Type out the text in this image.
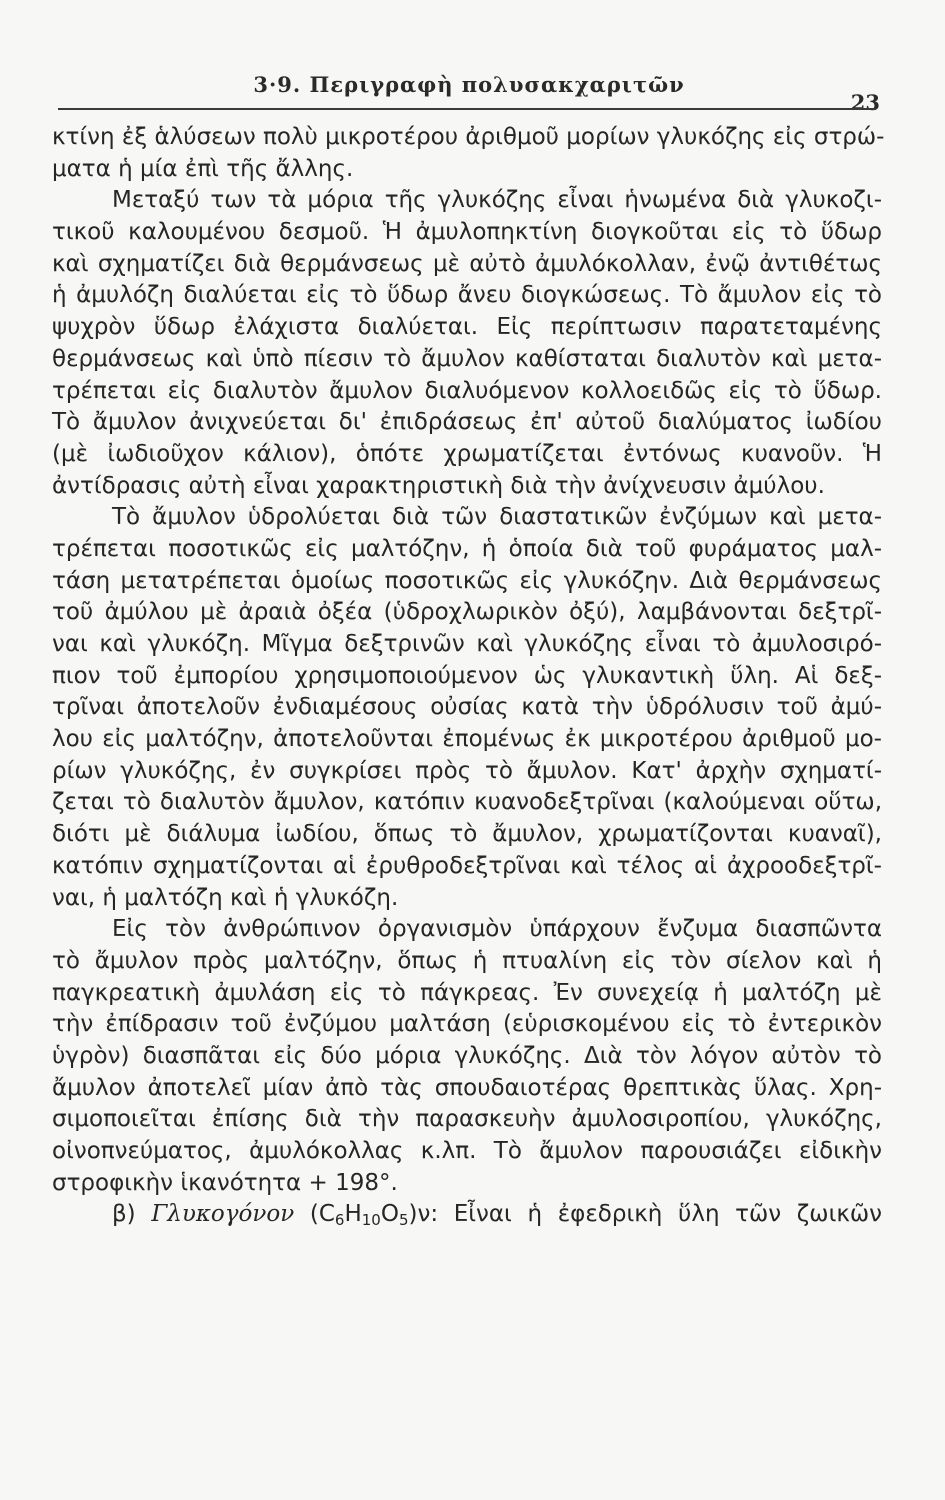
3·9. Περιγραφὴ πολυσακχαριτῶν
23
κτίνη ἐξ ἁλύσεων πολὺ μικροτέρου ἀριθμοῦ μορίων γλυκόζης εἰς στρώ-
ματα ἡ μία ἐπὶ τῆς ἄλλης.
Μεταξύ των τὰ μόρια τῆς γλυκόζης εἶναι ἡνωμένα διὰ γλυκοζι-
τικοῦ καλουμένου δεσμοῦ. Ἡ ἀμυλοπηκτίνη διογκοῦται εἰς τὸ ὕδωρ
καὶ σχηματίζει διὰ θερμάνσεως μὲ αὐτὸ ἀμυλόκολλαν, ἐνῷ ἀντιθέτως
ἡ ἀμυλόζη διαλύεται εἰς τὸ ὕδωρ ἄνευ διογκώσεως. Τὸ ἄμυλον εἰς τὸ
ψυχρὸν ὕδωρ ἐλάχιστα διαλύεται. Εἰς περίπτωσιν παρατεταμένης
θερμάνσεως καὶ ὑπὸ πίεσιν τὸ ἄμυλον καθίσταται διαλυτὸν καὶ μετα-
τρέπεται εἰς διαλυτὸν ἄμυλον διαλυόμενον κολλοειδῶς εἰς τὸ ὕδωρ.
Τὸ ἄμυλον ἀνιχνεύεται δι' ἐπιδράσεως ἐπ' αὐτοῦ διαλύματος ἰωδίου
(μὲ ἰωδιοῦχον κάλιον), ὁπότε χρωματίζεται ἐντόνως κυανοῦν. Ἡ
ἀντίδρασις αὐτὴ εἶναι χαρακτηριστικὴ διὰ τὴν ἀνίχνευσιν ἀμύλου.
Τὸ ἄμυλον ὑδρολύεται διὰ τῶν διαστατικῶν ἐνζύμων καὶ μετα-
τρέπεται ποσοτικῶς εἰς μαλτόζην, ἡ ὁποία διὰ τοῦ φυράματος μαλ-
τάση μετατρέπεται ὁμοίως ποσοτικῶς εἰς γλυκόζην. Διὰ θερμάνσεως
τοῦ ἀμύλου μὲ ἀραιὰ ὀξέα (ὑδροχλωρικὸν ὀξύ), λαμβάνονται δεξτρῖ-
ναι καὶ γλυκόζη. Μῖγμα δεξτρινῶν καὶ γλυκόζης εἶναι τὸ ἀμυλοσιρό-
πιον τοῦ ἐμπορίου χρησιμοποιούμενον ὡς γλυκαντικὴ ὕλη. Αἱ δεξ-
τρῖναι ἀποτελοῦν ἐνδιαμέσους οὐσίας κατὰ τὴν ὑδρόλυσιν τοῦ ἀμύ-
λου εἰς μαλτόζην, ἀποτελοῦνται ἐπομένως ἐκ μικροτέρου ἀριθμοῦ μο-
ρίων γλυκόζης, ἐν συγκρίσει πρὸς τὸ ἄμυλον. Κατ' ἀρχὴν σχηματί-
ζεται τὸ διαλυτὸν ἄμυλον, κατόπιν κυανοδεξτρῖναι (καλούμεναι οὕτω,
διότι μὲ διάλυμα ἰωδίου, ὅπως τὸ ἄμυλον, χρωματίζονται κυαναῖ),
κατόπιν σχηματίζονται αἱ ἐρυθροδεξτρῖναι καὶ τέλος αἱ ἀχροοδεξτρῖ-
ναι, ἡ μαλτόζη καὶ ἡ γλυκόζη.
Εἰς τὸν ἀνθρώπινον ὀργανισμὸν ὑπάρχουν ἔνζυμα διασπῶντα
τὸ ἄμυλον πρὸς μαλτόζην, ὅπως ἡ πτυαλίνη εἰς τὸν σίελον καὶ ἡ
παγκρεατικὴ ἀμυλάση εἰς τὸ πάγκρεας. Ἐν συνεχείᾳ ἡ μαλτόζη μὲ
τὴν ἐπίδρασιν τοῦ ἐνζύμου μαλτάση (εὑρισκομένου εἰς τὸ ἐντερικὸν
ὑγρὸν) διασπᾶται εἰς δύο μόρια γλυκόζης. Διὰ τὸν λόγον αὐτὸν τὸ
ἄμυλον ἀποτελεῖ μίαν ἀπὸ τὰς σπουδαιοτέρας θρεπτικὰς ὕλας. Χρη-
σιμοποιεῖται ἐπίσης διὰ τὴν παρασκευὴν ἀμυλοσιροπίου, γλυκόζης,
οἰνοπνεύματος, ἀμυλόκολλας κ.λπ. Τὸ ἄμυλον παρουσιάζει εἰδικὴν
στροφικὴν ἱκανότητα + 198°.
β) Γλυκογόνον $(C_6H_{10}O_5)\nu$: Εἶναι ἡ ἐφεδρικὴ ὕλη τῶν ζωικῶν
